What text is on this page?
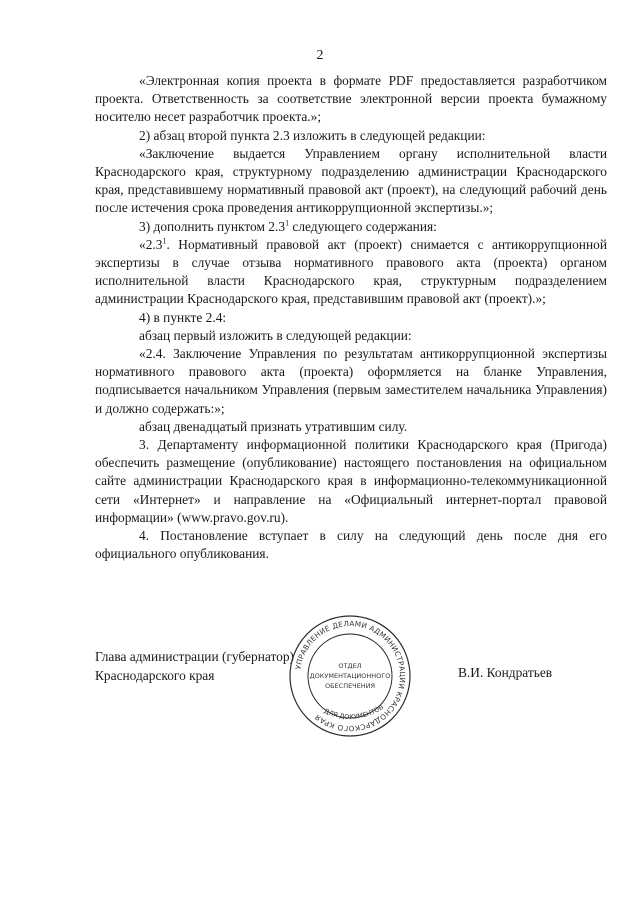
2

«Электронная копия проекта в формате PDF предоставляется разработчиком проекта. Ответственность за соответствие электронной версии проекта бумажному носителю несет разработчик проекта.»;

2) абзац второй пункта 2.3 изложить в следующей редакции:

«Заключение выдается Управлением органу исполнительной власти Краснодарского края, структурному подразделению администрации Краснодарского края, представившему нормативный правовой акт (проект), на следующий рабочий день после истечения срока проведения антикоррупционной экспертизы.»;

3) дополнить пунктом $2.3^1$ следующего содержания:

«$2.3^1$. Нормативный правовой акт (проект) снимается с антикоррупционной экспертизы в случае отзыва нормативного правового акта (проекта) органом исполнительной власти Краснодарского края, структурным подразделением администрации Краснодарского края, представившим правовой акт (проект).»;

4) в пункте 2.4:

абзац первый изложить в следующей редакции:

«2.4. Заключение Управления по результатам антикоррупционной экспертизы нормативного правового акта (проекта) оформляется на бланке Управления, подписывается начальником Управления (первым заместителем начальника Управления) и должно содержать:»;

абзац двенадцатый признать утратившим силу.

3. Департаменту информационной политики Краснодарского края (Пригода) обеспечить размещение (опубликование) настоящего постановления на официальном сайте администрации Краснодарского края в информационно-телекоммуникационной сети «Интернет» и направление на «Официальный интернет-портал правовой информации» (www.pravo.gov.ru).

4. Постановление вступает в силу на следующий день после дня его официального опубликования.

Глава администрации (губернатор)
Краснодарского края	В.И. Кондратьев
УПРАВЛЕНИЕ ДЕЛАМИ АДМИНИСТРАЦИИ КРАСНОДАРСКОГО КРАЯ
ДЛЯ ДОКУМЕНТОВ
ОТДЕЛ
ДОКУМЕНТАЦИОННОГО
ОБЕСПЕЧЕНИЯ
